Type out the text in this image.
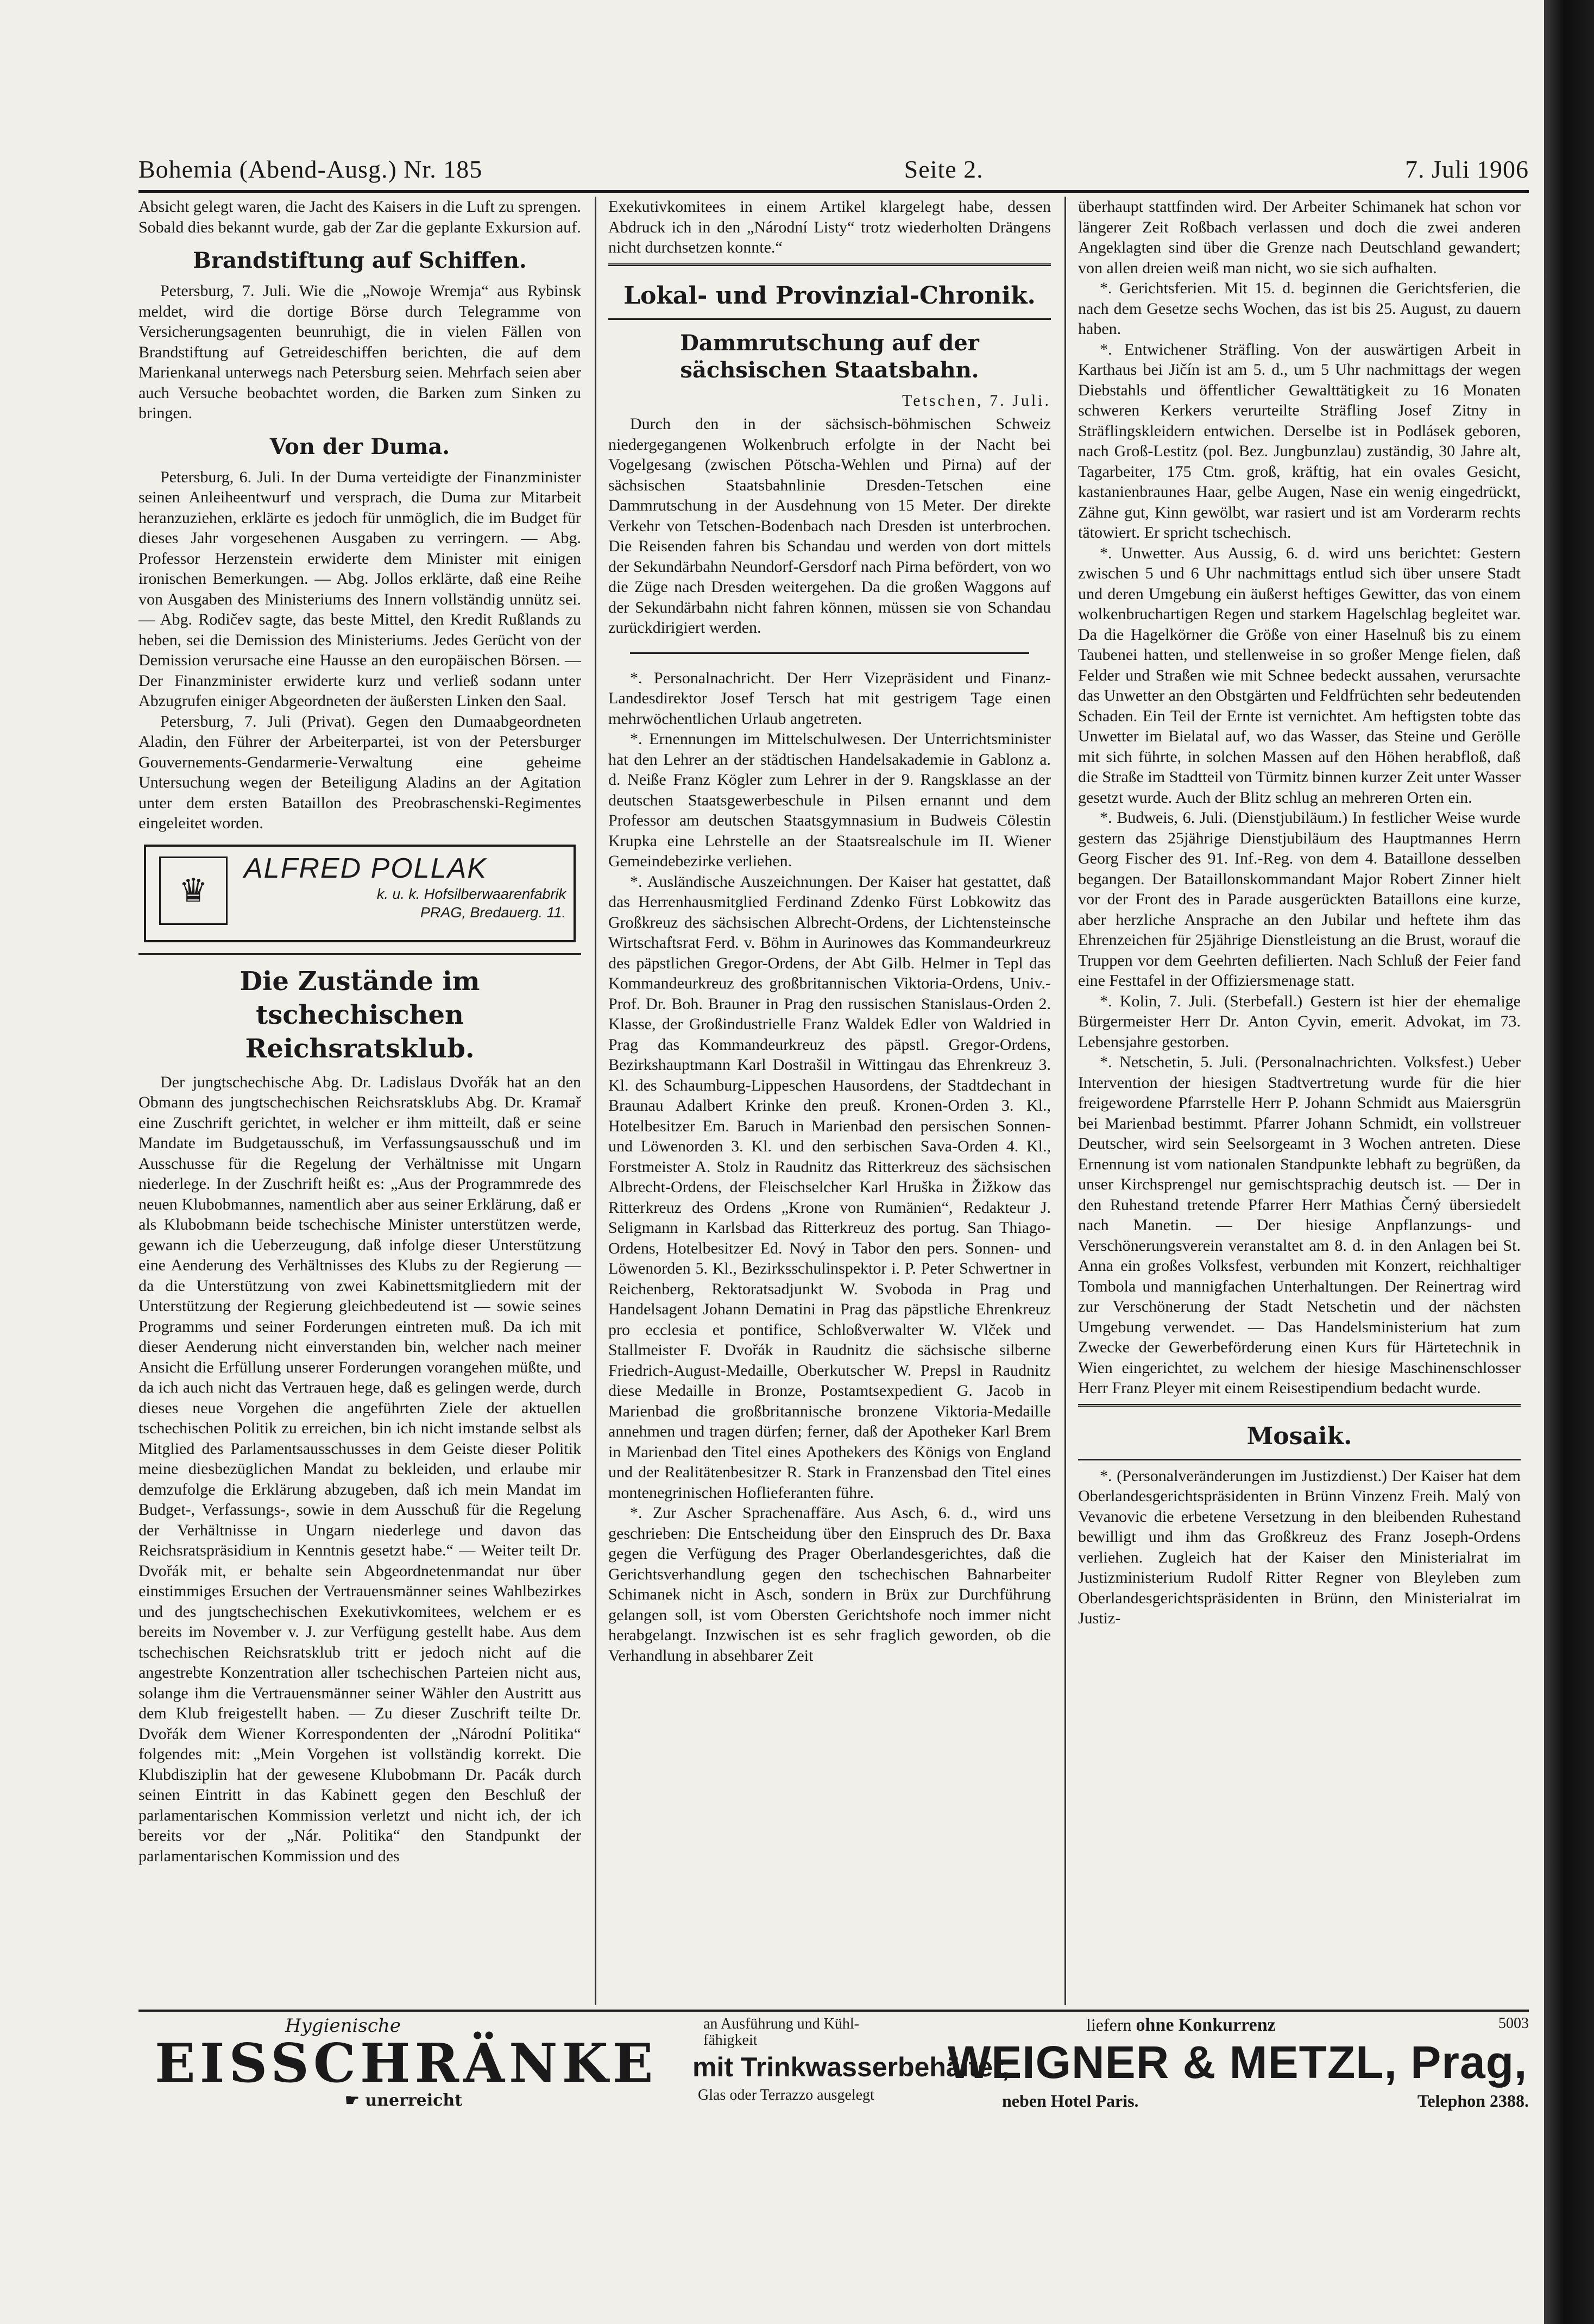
Bohemia (Abend-Ausg.) Nr. 185	Seite 2.	7. Juli 1906

Absicht gelegt waren, die Jacht des Kaisers in die Luft zu sprengen. Sobald dies bekannt wurde, gab der Zar die geplante Exkursion auf.

Brandstiftung auf Schiffen.

Petersburg, 7. Juli. Wie die „Nowoje Wremja“ aus Rybinsk meldet, wird die dortige Börse durch Telegramme von Versicherungsagenten beunruhigt, die in vielen Fällen von Brandstiftung auf Getreideschiffen berichten, die auf dem Marienkanal unterwegs nach Petersburg seien. Mehrfach seien aber auch Versuche beobachtet worden, die Barken zum Sinken zu bringen.

Von der Duma.

Petersburg, 6. Juli. In der Duma verteidigte der Finanzminister seinen Anleiheentwurf und versprach, die Duma zur Mitarbeit heranzuziehen, erklärte es jedoch für unmöglich, die im Budget für dieses Jahr vorgesehenen Ausgaben zu verringern. — Abg. Professor Herzenstein erwiderte dem Minister mit einigen ironischen Bemerkungen. — Abg. Jollos erklärte, daß eine Reihe von Ausgaben des Ministeriums des Innern vollständig unnütz sei. — Abg. Rodičev sagte, das beste Mittel, den Kredit Rußlands zu heben, sei die Demission des Ministeriums. Jedes Gerücht von der Demission verursache eine Hausse an den europäischen Börsen. — Der Finanzminister erwiderte kurz und verließ sodann unter Abzugrufen einiger Abgeordneten der äußersten Linken den Saal.

Petersburg, 7. Juli (Privat). Gegen den Dumaabgeordneten Aladin, den Führer der Arbeiterpartei, ist von der Petersburger Gouvernements-Gendarmerie-Verwaltung eine geheime Untersuchung wegen der Beteiligung Aladins an der Agitation unter dem ersten Bataillon des Preobraschenski-Regimentes eingeleitet worden.

♛
ALFRED POLLAK
k. u. k. Hofsilberwaarenfabrik
PRAG, Bredauerg. 11.
Die Zustände im tschechischen Reichsratsklub.

Der jungtschechische Abg. Dr. Ladislaus Dvořák hat an den Obmann des jungtschechischen Reichsratsklubs Abg. Dr. Kramař eine Zuschrift gerichtet, in welcher er ihm mitteilt, daß er seine Mandate im Budgetausschuß, im Verfassungsausschuß und im Ausschusse für die Regelung der Verhältnisse mit Ungarn niederlege. In der Zuschrift heißt es: „Aus der Programmrede des neuen Klubobmannes, namentlich aber aus seiner Erklärung, daß er als Klubobmann beide tschechische Minister unterstützen werde, gewann ich die Ueberzeugung, daß infolge dieser Unterstützung eine Aenderung des Verhältnisses des Klubs zu der Regierung — da die Unterstützung von zwei Kabinettsmitgliedern mit der Unterstützung der Regierung gleichbedeutend ist — sowie seines Programms und seiner Forderungen eintreten muß. Da ich mit dieser Aenderung nicht einverstanden bin, welcher nach meiner Ansicht die Erfüllung unserer Forderungen vorangehen müßte, und da ich auch nicht das Vertrauen hege, daß es gelingen werde, durch dieses neue Vorgehen die angeführten Ziele der aktuellen tschechischen Politik zu erreichen, bin ich nicht imstande selbst als Mitglied des Parlamentsausschusses in dem Geiste dieser Politik meine diesbezüglichen Mandat zu bekleiden, und erlaube mir demzufolge die Erklärung abzugeben, daß ich mein Mandat im Budget-, Verfassungs-, sowie in dem Ausschuß für die Regelung der Verhältnisse in Ungarn niederlege und davon das Reichsratspräsidium in Kenntnis gesetzt habe.“ — Weiter teilt Dr. Dvořák mit, er behalte sein Abgeordnetenmandat nur über einstimmiges Ersuchen der Vertrauensmänner seines Wahlbezirkes und des jungtschechischen Exekutivkomitees, welchem er es bereits im November v. J. zur Verfügung gestellt habe. Aus dem tschechischen Reichsratsklub tritt er jedoch nicht auf die angestrebte Konzentration aller tschechischen Parteien nicht aus, solange ihm die Vertrauensmänner seiner Wähler den Austritt aus dem Klub freigestellt haben. — Zu dieser Zuschrift teilte Dr. Dvořák dem Wiener Korrespondenten der „Národní Politika“ folgendes mit: „Mein Vorgehen ist vollständig korrekt. Die Klubdisziplin hat der gewesene Klubobmann Dr. Pacák durch seinen Eintritt in das Kabinett gegen den Beschluß der parlamentarischen Kommission verletzt und nicht ich, der ich bereits vor der „Nár. Politika“ den Standpunkt der parlamentarischen Kommission und des

Exekutivkomitees in einem Artikel klargelegt habe, dessen Abdruck ich in den „Národní Listy“ trotz wiederholten Drängens nicht durchsetzen konnte.“

Lokal- und Provinzial-Chronik.
Dammrutschung auf der sächsischen Staatsbahn.
Tetschen, 7. Juli.

Durch den in der sächsisch-böhmischen Schweiz niedergegangenen Wolkenbruch erfolgte in der Nacht bei Vogelgesang (zwischen Pötscha-Wehlen und Pirna) auf der sächsischen Staatsbahnlinie Dresden-Tetschen eine Dammrutschung in der Ausdehnung von 15 Meter. Der direkte Verkehr von Tetschen-Bodenbach nach Dresden ist unterbrochen. Die Reisenden fahren bis Schandau und werden von dort mittels der Sekundärbahn Neundorf-Gersdorf nach Pirna befördert, von wo die Züge nach Dresden weitergehen. Da die großen Waggons auf der Sekundärbahn nicht fahren können, müssen sie von Schandau zurückdirigiert werden.

*. Personalnachricht. Der Herr Vizepräsident und Finanz-Landesdirektor Josef Tersch hat mit gestrigem Tage einen mehrwöchentlichen Urlaub angetreten.

*. Ernennungen im Mittelschulwesen. Der Unterrichtsminister hat den Lehrer an der städtischen Handelsakademie in Gablonz a. d. Neiße Franz Kögler zum Lehrer in der 9. Rangsklasse an der deutschen Staatsgewerbeschule in Pilsen ernannt und dem Professor am deutschen Staatsgymnasium in Budweis Cölestin Krupka eine Lehrstelle an der Staatsrealschule im II. Wiener Gemeindebezirke verliehen.

*. Ausländische Auszeichnungen. Der Kaiser hat gestattet, daß das Herrenhausmitglied Ferdinand Zdenko Fürst Lobkowitz das Großkreuz des sächsischen Albrecht-Ordens, der Lichtensteinsche Wirtschaftsrat Ferd. v. Böhm in Aurinowes das Kommandeurkreuz des päpstlichen Gregor-Ordens, der Abt Gilb. Helmer in Tepl das Kommandeurkreuz des großbritannischen Viktoria-Ordens, Univ.-Prof. Dr. Boh. Brauner in Prag den russischen Stanislaus-Orden 2. Klasse, der Großindustrielle Franz Waldek Edler von Waldried in Prag das Kommandeurkreuz des päpstl. Gregor-Ordens, Bezirkshauptmann Karl Dostrašil in Wittingau das Ehrenkreuz 3. Kl. des Schaumburg-Lippeschen Hausordens, der Stadtdechant in Braunau Adalbert Krinke den preuß. Kronen-Orden 3. Kl., Hotelbesitzer Em. Baruch in Marienbad den persischen Sonnen- und Löwenorden 3. Kl. und den serbischen Sava-Orden 4. Kl., Forstmeister A. Stolz in Raudnitz das Ritterkreuz des sächsischen Albrecht-Ordens, der Fleischselcher Karl Hruška in Žižkow das Ritterkreuz des Ordens „Krone von Rumänien“, Redakteur J. Seligmann in Karlsbad das Ritterkreuz des portug. San Thiago-Ordens, Hotelbesitzer Ed. Nový in Tabor den pers. Sonnen- und Löwenorden 5. Kl., Bezirksschulinspektor i. P. Peter Schwertner in Reichenberg, Rektoratsadjunkt W. Svoboda in Prag und Handelsagent Johann Dematini in Prag das päpstliche Ehrenkreuz pro ecclesia et pontifice, Schloßverwalter W. Vlček und Stallmeister F. Dvořák in Raudnitz die sächsische silberne Friedrich-August-Medaille, Oberkutscher W. Prepsl in Raudnitz diese Medaille in Bronze, Postamtsexpedient G. Jacob in Marienbad die großbritannische bronzene Viktoria-Medaille annehmen und tragen dürfen; ferner, daß der Apotheker Karl Brem in Marienbad den Titel eines Apothekers des Königs von England und der Realitätenbesitzer R. Stark in Franzensbad den Titel eines montenegrinischen Hoflieferanten führe.

*. Zur Ascher Sprachenaffäre. Aus Asch, 6. d., wird uns geschrieben: Die Entscheidung über den Einspruch des Dr. Baxa gegen die Verfügung des Prager Oberlandesgerichtes, daß die Gerichtsverhandlung gegen den tschechischen Bahnarbeiter Schimanek nicht in Asch, sondern in Brüx zur Durchführung gelangen soll, ist vom Obersten Gerichtshofe noch immer nicht herabgelangt. Inzwischen ist es sehr fraglich geworden, ob die Verhandlung in absehbarer Zeit

überhaupt stattfinden wird. Der Arbeiter Schimanek hat schon vor längerer Zeit Roßbach verlassen und doch die zwei anderen Angeklagten sind über die Grenze nach Deutschland gewandert; von allen dreien weiß man nicht, wo sie sich aufhalten.

*. Gerichtsferien. Mit 15. d. beginnen die Gerichtsferien, die nach dem Gesetze sechs Wochen, das ist bis 25. August, zu dauern haben.

*. Entwichener Sträfling. Von der auswärtigen Arbeit in Karthaus bei Jičín ist am 5. d., um 5 Uhr nachmittags der wegen Diebstahls und öffentlicher Gewalttätigkeit zu 16 Monaten schweren Kerkers verurteilte Sträfling Josef Zitny in Sträflingskleidern entwichen. Derselbe ist in Podlásek geboren, nach Groß-Lestitz (pol. Bez. Jungbunzlau) zuständig, 30 Jahre alt, Tagarbeiter, 175 Ctm. groß, kräftig, hat ein ovales Gesicht, kastanienbraunes Haar, gelbe Augen, Nase ein wenig eingedrückt, Zähne gut, Kinn gewölbt, war rasiert und ist am Vorderarm rechts tätowiert. Er spricht tschechisch.

*. Unwetter. Aus Aussig, 6. d. wird uns berichtet: Gestern zwischen 5 und 6 Uhr nachmittags entlud sich über unsere Stadt und deren Umgebung ein äußerst heftiges Gewitter, das von einem wolkenbruchartigen Regen und starkem Hagelschlag begleitet war. Da die Hagelkörner die Größe von einer Haselnuß bis zu einem Taubenei hatten, und stellenweise in so großer Menge fielen, daß Felder und Straßen wie mit Schnee bedeckt aussahen, verursachte das Unwetter an den Obstgärten und Feldfrüchten sehr bedeutenden Schaden. Ein Teil der Ernte ist vernichtet. Am heftigsten tobte das Unwetter im Bielatal auf, wo das Wasser, das Steine und Gerölle mit sich führte, in solchen Massen auf den Höhen herabfloß, daß die Straße im Stadtteil von Türmitz binnen kurzer Zeit unter Wasser gesetzt wurde. Auch der Blitz schlug an mehreren Orten ein.

*. Budweis, 6. Juli. (Dienstjubiläum.) In festlicher Weise wurde gestern das 25jährige Dienstjubiläum des Hauptmannes Herrn Georg Fischer des 91. Inf.-Reg. von dem 4. Bataillone desselben begangen. Der Bataillonskommandant Major Robert Zinner hielt vor der Front des in Parade ausgerückten Bataillons eine kurze, aber herzliche Ansprache an den Jubilar und heftete ihm das Ehrenzeichen für 25jährige Dienstleistung an die Brust, worauf die Truppen vor dem Geehrten defilierten. Nach Schluß der Feier fand eine Festtafel in der Offiziersmenage statt.

*. Kolin, 7. Juli. (Sterbefall.) Gestern ist hier der ehemalige Bürgermeister Herr Dr. Anton Cyvin, emerit. Advokat, im 73. Lebensjahre gestorben.

*. Netschetin, 5. Juli. (Personalnachrichten. Volksfest.) Ueber Intervention der hiesigen Stadtvertretung wurde für die hier freigewordene Pfarrstelle Herr P. Johann Schmidt aus Maiersgrün bei Marienbad bestimmt. Pfarrer Johann Schmidt, ein vollstreuer Deutscher, wird sein Seelsorgeamt in 3 Wochen antreten. Diese Ernennung ist vom nationalen Standpunkte lebhaft zu begrüßen, da unser Kirchsprengel nur gemischtsprachig deutsch ist. — Der in den Ruhestand tretende Pfarrer Herr Mathias Černý übersiedelt nach Manetin. — Der hiesige Anpflanzungs- und Verschönerungsverein veranstaltet am 8. d. in den Anlagen bei St. Anna ein großes Volksfest, verbunden mit Konzert, reichhaltiger Tombola und mannigfachen Unterhaltungen. Der Reinertrag wird zur Verschönerung der Stadt Netschetin und der nächsten Umgebung verwendet. — Das Handelsministerium hat zum Zwecke der Gewerbeförderung einen Kurs für Härtetechnik in Wien eingerichtet, zu welchem der hiesige Maschinenschlosser Herr Franz Pleyer mit einem Reisestipendium bedacht wurde.

Mosaik.

*. (Personalveränderungen im Justizdienst.) Der Kaiser hat dem Oberlandesgerichtspräsidenten in Brünn Vinzenz Freih. Malý von Vevanovic die erbetene Versetzung in den bleibenden Ruhestand bewilligt und ihm das Großkreuz des Franz Joseph-Ordens verliehen. Zugleich hat der Kaiser den Ministerialrat im Justizministerium Rudolf Ritter Regner von Bleyleben zum Oberlandesgerichtspräsidenten in Brünn, den Ministerialrat im Justiz-

Hygienische
EISSCHRÄNKE
☛ unerreicht
an Ausführung und Kühl-
fähigkeit
mit Trinkwasserbehälter,
Glas oder Terrazzo ausgelegt
liefern ohne Konkurrenz	5003
WEIGNER & METZL, Prag,
neben Hotel Paris.	Telephon 2388.
